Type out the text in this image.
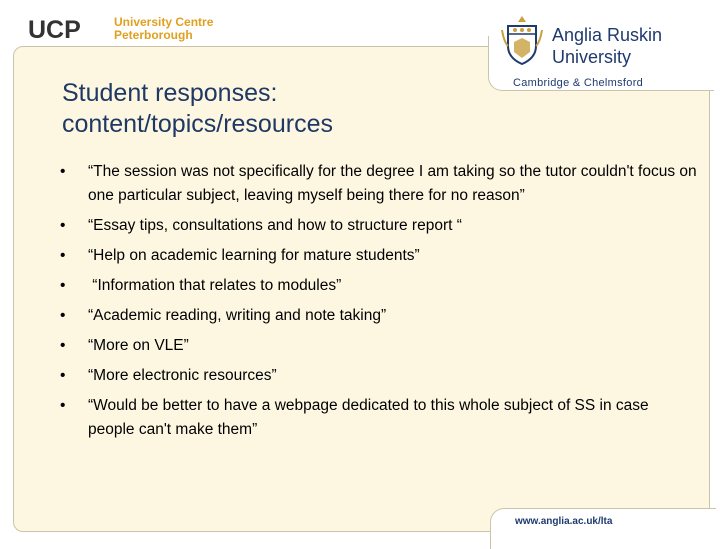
UCP	University Centre
Peterborough	Anglia Ruskin
University
Cambridge & Chelmsford
Student responses:
content/topics/resources
• “The session was not specifically for the degree I am taking so the tutor couldn't focus on one particular subject, leaving myself being there for no reason”
• “Essay tips, consultations and how to structure report “
• “Help on academic learning for mature students”
• “Information that relates to modules”
• “Academic reading, writing and note taking”
• “More on VLE”
• “More electronic resources”
• “Would be better to have a webpage dedicated to this whole subject of SS in case people can't make them”
www.anglia.ac.uk/lta
